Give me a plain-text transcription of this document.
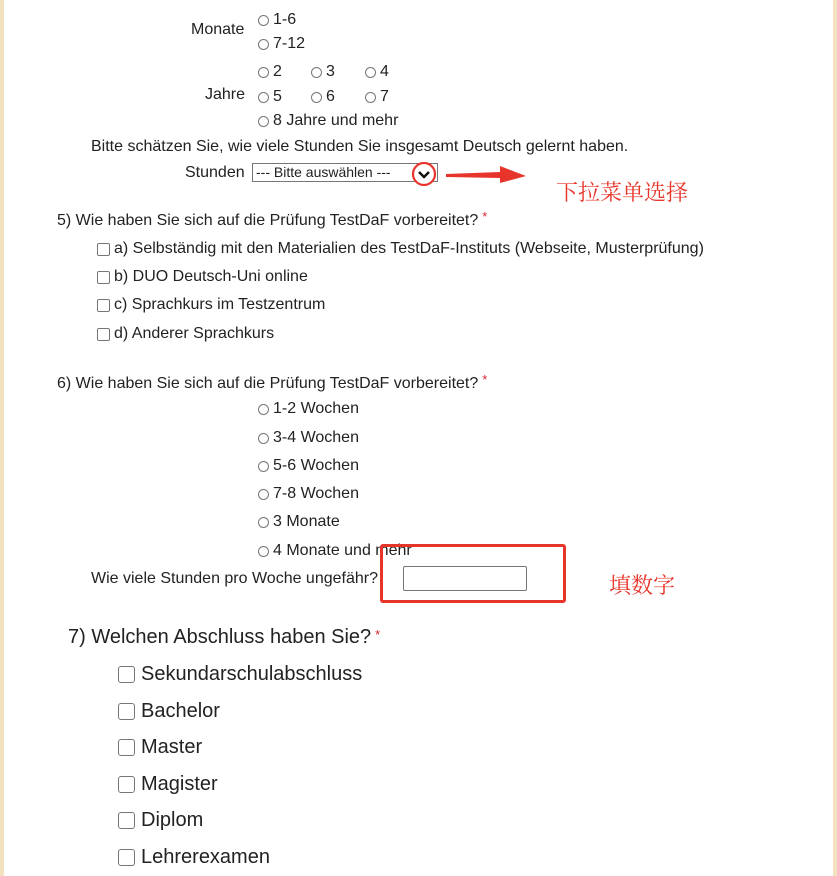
Monate
1-6
7-12
Jahre
2	3	4
5	6	7
8 Jahre und mehr
Bitte schätzen Sie, wie viele Stunden Sie insgesamt Deutsch gelernt haben.
Stunden --- Bitte auswählen ---
下拉菜单选择
5) Wie haben Sie sich auf die Prüfung TestDaF vorbereitet? *
a) Selbständig mit den Materialien des TestDaF-Instituts (Webseite, Musterprüfung)
b) DUO Deutsch-Uni online
c) Sprachkurs im Testzentrum
d) Anderer Sprachkurs
6) Wie haben Sie sich auf die Prüfung TestDaF vorbereitet? *
1-2 Wochen
3-4 Wochen
5-6 Wochen
7-8 Wochen
3 Monate
4 Monate und mehr
Wie viele Stunden pro Woche ungefähr?	填数字
7) Welchen Abschluss haben Sie? *
Sekundarschulabschluss
Bachelor
Master
Magister
Diplom
Lehrerexamen
